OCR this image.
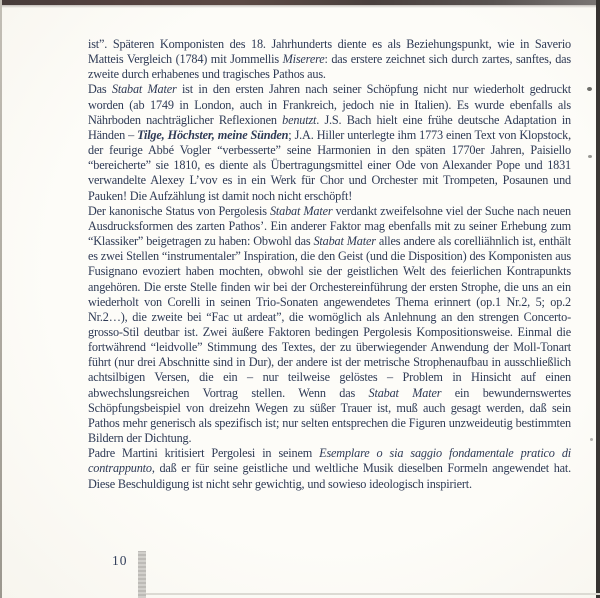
ist”. Späteren Komponisten des 18. Jahrhunderts diente es als Beziehungspunkt, wie in Saverio Matteis Vergleich (1784) mit Jommellis Miserere: das erstere zeichnet sich durch zartes, sanftes, das zweite durch erhabenes und tragisches Pathos aus.

Das Stabat Mater ist in den ersten Jahren nach seiner Schöpfung nicht nur wiederholt gedruckt worden (ab 1749 in London, auch in Frankreich, jedoch nie in Italien). Es wurde ebenfalls als Nährboden nachträglicher Reflexionen benutzt. J.S. Bach hielt eine frühe deutsche Adaptation in Händen – Tilge, Höchster, meine Sünden; J.A. Hiller unterlegte ihm 1773 einen Text von Klopstock, der feurige Abbé Vogler “verbesserte” seine Harmonien in den späten 1770er Jahren, Paisiello “bereicherte” sie 1810, es diente als Übertragungsmittel einer Ode von Alexander Pope und 1831 verwandelte Alexey L’vov es in ein Werk für Chor und Orchester mit Trompeten, Posaunen und Pauken! Die Aufzählung ist damit noch nicht erschöpft!

Der kanonische Status von Pergolesis Stabat Mater verdankt zweifelsohne viel der Suche nach neuen Ausdrucksformen des zarten Pathos’. Ein anderer Faktor mag ebenfalls mit zu seiner Erhebung zum “Klassiker” beigetragen zu haben: Obwohl das Stabat Mater alles andere als corelliähnlich ist, enthält es zwei Stellen “instrumentaler” Inspiration, die den Geist (und die Disposition) des Komponisten aus Fusignano evoziert haben mochten, obwohl sie der geistlichen Welt des feierlichen Kontrapunkts angehören. Die erste Stelle finden wir bei der Orchestereinführung der ersten Strophe, die uns an ein wiederholt von Corelli in seinen Trio-Sonaten angewendetes Thema erinnert (op.1 Nr.2, 5; op.2 Nr.2…), die zweite bei “Fac ut ardeat”, die womöglich als Anlehnung an den strengen Concerto-grosso-Stil deutbar ist. Zwei äußere Faktoren bedingen Pergolesis Kompositionsweise. Einmal die fortwährend “leidvolle” Stimmung des Textes, der zu überwiegender Anwendung der Moll-Tonart führt (nur drei Abschnitte sind in Dur), der andere ist der metrische Strophenaufbau in ausschließlich achtsilbigen Versen, die ein – nur teilweise gelöstes – Problem in Hinsicht auf einen abwechslungsreichen Vortrag stellen. Wenn das Stabat Mater ein bewundernswertes Schöpfungsbeispiel von dreizehn Wegen zu süßer Trauer ist, muß auch gesagt werden, daß sein Pathos mehr generisch als spezifisch ist; nur selten entsprechen die Figuren unzweideutig bestimmten Bildern der Dichtung.

Padre Martini kritisiert Pergolesi in seinem Esemplare o sia saggio fondamentale pratico di contrappunto, daß er für seine geistliche und weltliche Musik dieselben Formeln angewendet hat. Diese Beschuldigung ist nicht sehr gewichtig, und sowieso ideologisch inspiriert.

10
